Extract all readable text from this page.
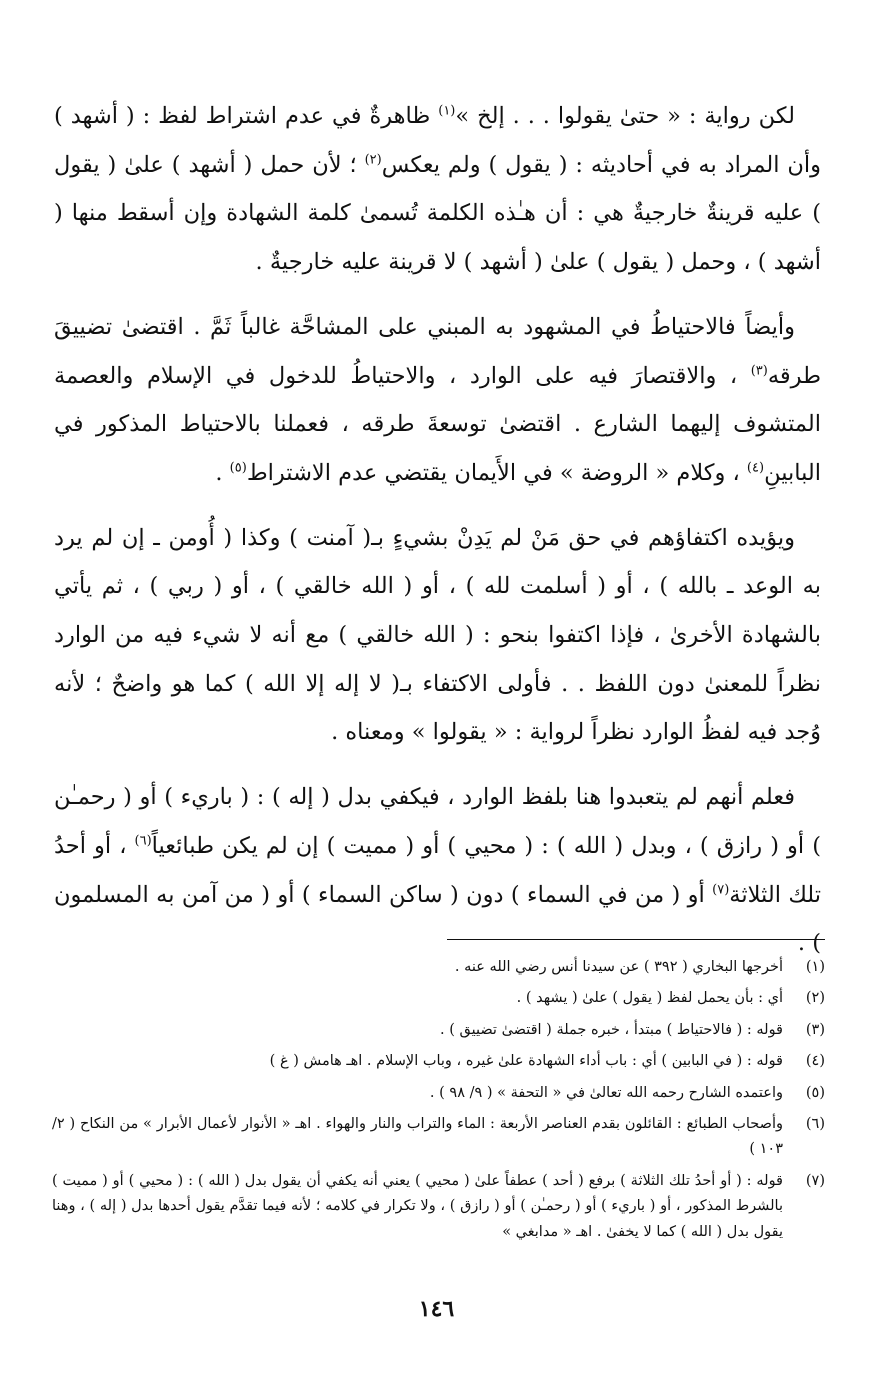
لكن رواية : « حتىٰ يقولوا . . . إلخ »$^{(١)}$ ظاهرةٌ في عدم اشتراط لفظ : ( أشهد ) وأن المراد به في أحاديثه : ( يقول ) ولم يعكس$^{(٢)}$ ؛ لأن حمل ( أشهد ) علىٰ ( يقول ) عليه قرينةٌ خارجيةٌ هي : أن هـٰذه الكلمة تُسمىٰ كلمة الشهادة وإن أسقط منها ( أشهد ) ، وحمل ( يقول ) علىٰ ( أشهد ) لا قرينة عليه خارجيةٌ .

وأيضاً فالاحتياطُ في المشهود به المبني على المشاحَّة غالباً ثَمَّ . اقتضىٰ تضييقَ طرقه$^{(٣)}$ ، والاقتصارَ فيه على الوارد ، والاحتياطُ للدخول في الإسلام والعصمة المتشوف إليهما الشارع . اقتضىٰ توسعةَ طرقه ، فعملنا بالاحتياط المذكور في البابينِ$^{(٤)}$ ، وكلام « الروضة » في الأَيمان يقتضي عدم الاشتراط$^{(٥)}$ .

ويؤيده اكتفاؤهم في حق مَنْ لم يَدِنْ بشيءٍ بـ( آمنت ) وكذا ( أُومن ـ إن لم يرد به الوعد ـ بالله ) ، أو ( أسلمت لله ) ، أو ( الله خالقي ) ، أو ( ربي ) ، ثم يأتي بالشهادة الأخرىٰ ، فإذا اكتفوا بنحو : ( الله خالقي ) مع أنه لا شيء فيه من الوارد نظراً للمعنىٰ دون اللفظ . . فأولى الاكتفاء بـ( لا إله إلا الله ) كما هو واضحٌ ؛ لأنه وُجد فيه لفظُ الوارد نظراً لرواية : « يقولوا » ومعناه .

فعلم أنهم لم يتعبدوا هنا بلفظ الوارد ، فيكفي بدل ( إله ) : ( باريء ) أو ( رحمـٰن ) أو ( رازق ) ، وبدل ( الله ) : ( محيي ) أو ( مميت ) إن لم يكن طبائعياً$^{(٦)}$ ، أو أحدُ تلك الثلاثة$^{(٧)}$ أو ( من في السماء ) دون ( ساكن السماء ) أو ( من آمن به المسلمون ) .

(١)
أخرجها البخاري ( ٣٩٢ ) عن سيدنا أنس رضي الله عنه .
(٢)
أي : بأن يحمل لفظ ( يقول ) علىٰ ( يشهد ) .
(٣)
قوله : ( فالاحتياط ) مبتدأ ، خبره جملة ( اقتضىٰ تضييق ) .
(٤)
قوله : ( في البابين ) أي : باب أداء الشهادة علىٰ غيره ، وباب الإسلام . اهـ هامش ( غ )
(٥)
واعتمده الشارح رحمه الله تعالىٰ في « التحفة » ( ٩/ ٩٨ ) .
(٦)
وأصحاب الطبائع : القائلون بقدم العناصر الأربعة : الماء والتراب والنار والهواء . اهـ « الأنوار لأعمال الأبرار » من النكاح ( ٢/ ١٠٣ )
(٧)
قوله : ( أو أحدُ تلك الثلاثة ) برفع ( أحد ) عطفاً علىٰ ( محيي ) يعني أنه يكفي أن يقول بدل ( الله ) : ( محيي ) أو ( مميت ) بالشرط المذكور ، أو ( باريء ) أو ( رحمـٰن ) أو ( رازق ) ، ولا تكرار في كلامه ؛ لأنه فيما تقدَّم يقول أحدها بدل ( إله ) ، وهنا يقول بدل ( الله ) كما لا يخفىٰ . اهـ « مدابغي »
١٤٦
